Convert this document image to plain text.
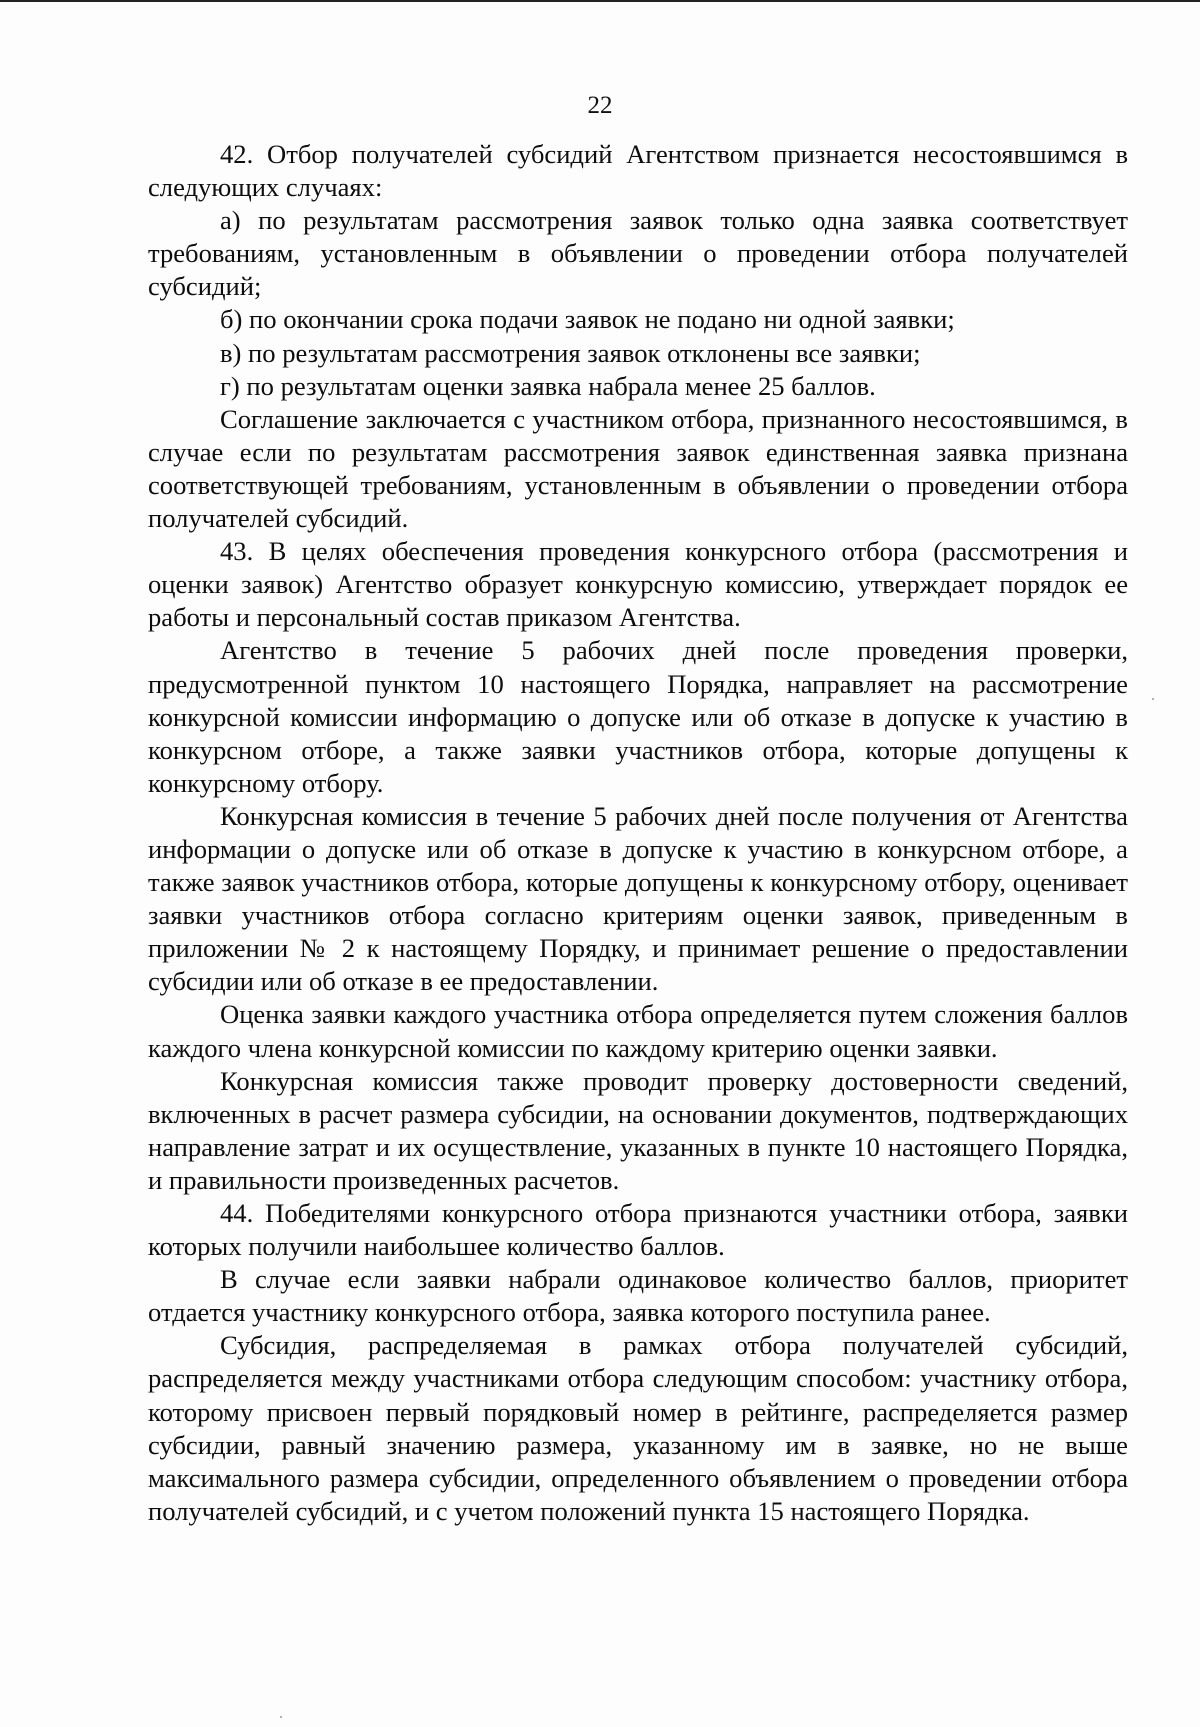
22

42. Отбор получателей субсидий Агентством признается несостоявшимся в следующих случаях:

а) по результатам рассмотрения заявок только одна заявка соответствует требованиям, установленным в объявлении о проведении отбора получателей субсидий;

б) по окончании срока подачи заявок не подано ни одной заявки;

в) по результатам рассмотрения заявок отклонены все заявки;

г) по результатам оценки заявка набрала менее 25 баллов.

Соглашение заключается с участником отбора, признанного несостоявшимся, в случае если по результатам рассмотрения заявок единственная заявка признана соответствующей требованиям, установленным в объявлении о проведении отбора получателей субсидий.

43. В целях обеспечения проведения конкурсного отбора (рассмотрения и оценки заявок) Агентство образует конкурсную комиссию, утверждает порядок ее работы и персональный состав приказом Агентства.

Агентство в течение 5 рабочих дней после проведения проверки, предусмотренной пунктом 10 настоящего Порядка, направляет на рассмотрение конкурсной комиссии информацию о допуске или об отказе в допуске к участию в конкурсном отборе, а также заявки участников отбора, которые допущены к конкурсному отбору.

Конкурсная комиссия в течение 5 рабочих дней после получения от Агентства информации о допуске или об отказе в допуске к участию в конкурсном отборе, а также заявок участников отбора, которые допущены к конкурсному отбору, оценивает заявки участников отбора согласно критериям оценки заявок, приведенным в приложении № 2 к настоящему Порядку, и принимает решение о предоставлении субсидии или об отказе в ее предоставлении.

Оценка заявки каждого участника отбора определяется путем сложения баллов каждого члена конкурсной комиссии по каждому критерию оценки заявки.

Конкурсная комиссия также проводит проверку достоверности сведений, включенных в расчет размера субсидии, на основании документов, подтверждающих направление затрат и их осуществление, указанных в пункте 10 настоящего Порядка, и правильности произведенных расчетов.

44. Победителями конкурсного отбора признаются участники отбора, заявки которых получили наибольшее количество баллов.

В случае если заявки набрали одинаковое количество баллов, приоритет отдается участнику конкурсного отбора, заявка которого поступила ранее.

Субсидия, распределяемая в рамках отбора получателей субсидий, распределяется между участниками отбора следующим способом: участнику отбора, которому присвоен первый порядковый номер в рейтинге, распределяется размер субсидии, равный значению размера, указанному им в заявке, но не выше максимального размера субсидии, определенного объявлением о проведении отбора получателей субсидий, и с учетом положений пункта 15 настоящего Порядка.
